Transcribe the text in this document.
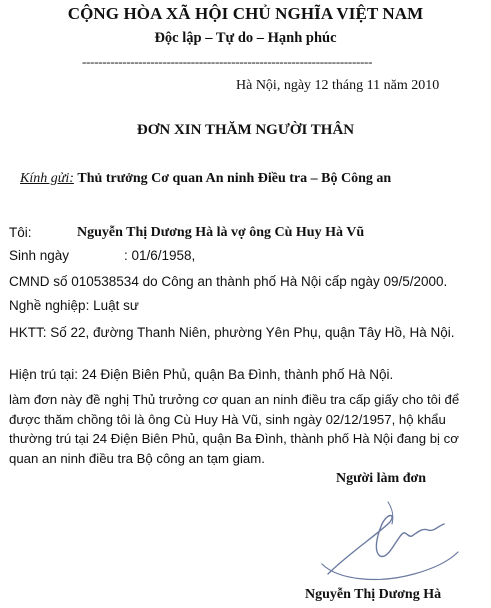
CỘNG HÒA XÃ HỘI CHỦ NGHĨA VIỆT NAM
Độc lập – Tự do – Hạnh phúc
------------------------------------------------------------------------
Hà Nội, ngày 12 tháng 11 năm 2010
ĐƠN XIN THĂM NGƯỜI THÂN
Kính gửi: Thủ trưởng Cơ quan An ninh Điều tra – Bộ Công an
Tôi:	Nguyễn Thị Dương Hà là vợ ông Cù Huy Hà Vũ
Sinh ngày	: 01/6/1958,
CMND số 010538534 do Công an thành phố Hà Nội cấp ngày 09/5/2000.
Nghề nghiệp: Luật sư
HKTT: Số 22, đường Thanh Niên, phường Yên Phụ, quận Tây Hồ, Hà Nội.
Hiện trú tại: 24 Điện Biên Phủ, quận Ba Đình, thành phố Hà Nội.
làm đơn này đề nghị Thủ trưởng cơ quan an ninh điều tra cấp giấy cho tôi để được thăm chồng tôi là ông Cù Huy Hà Vũ, sinh ngày 02/12/1957, hộ khẩu thường trú tại 24 Điện Biên Phủ, quận Ba Đình, thành phố Hà Nội đang bị cơ quan an ninh điều tra Bộ công an tạm giam.
Người làm đơn
Nguyễn Thị Dương Hà
